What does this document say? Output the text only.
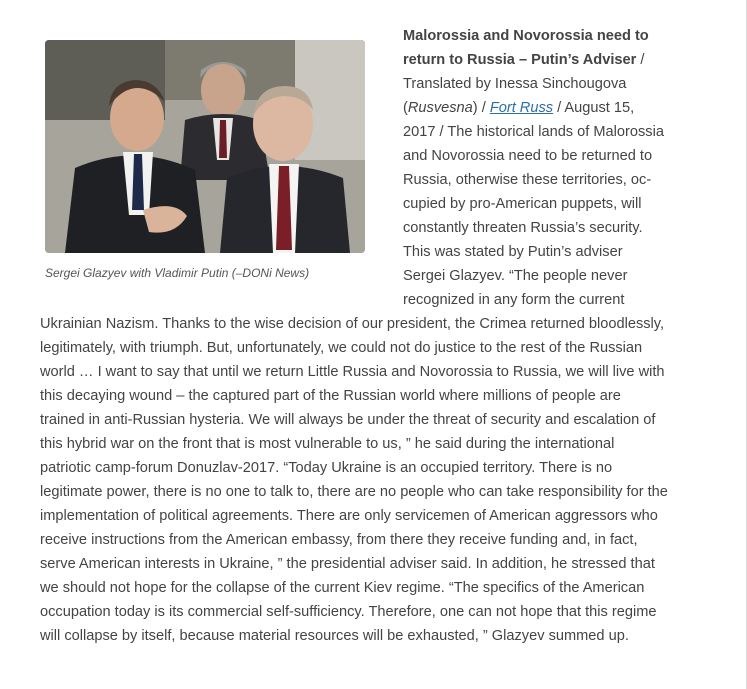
Sergei Glazyev with Vladimir Putin (–DONi News)

Malorossia and Novorossia need to return to Russia – Putin’s Adviser / Translated by Inessa Sinchougova (Rusvesna) / Fort Russ / August 15, 2017 / The historical lands of Malorossia and Novorossia need to be returned to Russia, otherwise these territories, occupied by pro-American puppets, will constantly threaten Russia’s security. This was stated by Putin’s adviser Sergei Glazyev. “The people never recognized in any form the current Ukrainian Nazism. Thanks to the wise decision of our president, the Crimea returned bloodlessly, legitimately, with triumph. But, unfortunately, we could not do justice to the rest of the Russian world … I want to say that until we return Little Russia and Novorossia to Russia, we will live with this decaying wound – the captured part of the Russian world where millions of people are trained in anti-Russian hysteria. We will always be under the threat of security and escalation of this hybrid war on the front that is most vulnerable to us, ” he said during the international patriotic camp-forum Donuzlav-2017. “Today Ukraine is an occupied territory. There is no legitimate power, there is no one to talk to, there are no people who can take responsibility for the implementation of political agreements. There are only servicemen of American aggressors who receive instructions from the American embassy, from there they receive funding and, in fact, serve American interests in Ukraine, ” the presidential adviser said. In addition, he stressed that we should not hope for the collapse of the current Kiev regime. “The specifics of the American occupation today is its commercial self-sufficiency. Therefore, one can not hope that this regime will collapse by itself, because material resources will be exhausted, ” Glazyev summed up.
